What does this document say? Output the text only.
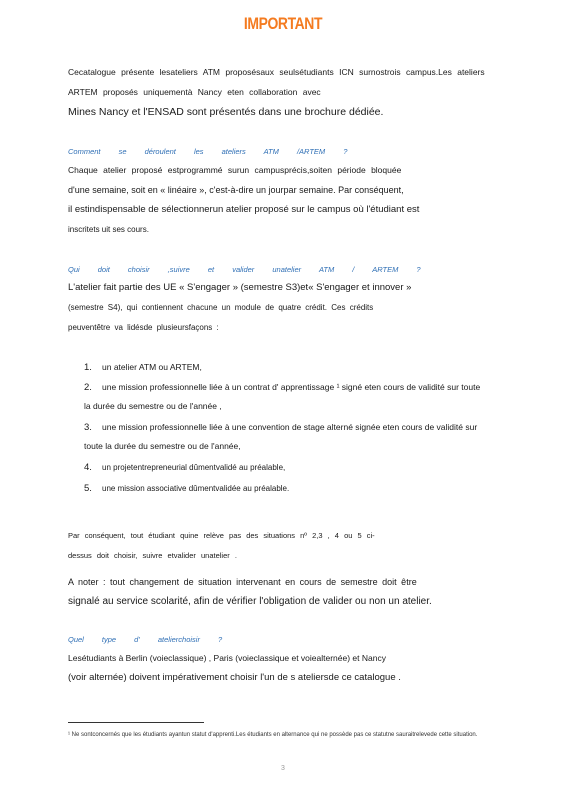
IMPORTANT
Cecatalogue présente lesateliers ATM proposésaux seulsétudiants ICN surnostrois campus.Les ateliers ARTEM proposés uniquementà Nancy eten collaboration avec
Mines Nancy et l'ENSAD sont présentés dans une brochure dédiée.
Comment se déroulent les ateliers ATM /ARTEM ?
Chaque atelier proposé estprogrammé surun campusprécis,soiten période bloquée
d'une semaine, soit en « linéaire », c'est-à-dire un jourpar semaine. Par conséquent,
il estindispensable de sélectionnerun atelier proposé sur le campus où l'étudiant est
inscritets uit ses cours.
Qui doit choisir ,suivre et valider unatelier ATM / ARTEM ?
L'atelier fait partie des UE « S'engager » (semestre S3)et« S'engager et innover »
(semestre S4), qui contiennent chacune un module de quatre crédit. Ces crédits
peuventêtre va lidésde plusieursfaçons :
1. un atelier ATM ou ARTEM,
2. une mission professionnelle liée à un contrat d' apprentissage ¹ signé eten cours de validité sur toute la durée du semestre ou de l'année ,
3. une mission professionnelle liée à une convention de stage alterné signée eten cours de validité sur toute la durée du semestre ou de l'année,
4. un projetentrepreneurial dûmentvalidé au préalable,
5. une mission associative dûmentvalidée au préalable.
Par conséquent, tout étudiant quine relève pas des situations nº 2,3 , 4 ou 5 ci-
dessus doit choisir, suivre etvalider unatelier .
A noter : tout changement de situation intervenant en cours de semestre doit être
signalé au service scolarité, afin de vérifier l'obligation de valider ou non un atelier.
Quel type d' atelierchoisir ?
Lesétudiants à Berlin (voieclassique) , Paris (voieclassique et voiealternée) et Nancy
(voir alternée) doivent impérativement choisir l'un de s ateliersde ce catalogue .
¹ Ne sontconcernés que les étudiants ayantun statut d'apprenti.Les étudiants en alternance qui ne possède pas ce statutne sauraitrelevede cette situation.
3
